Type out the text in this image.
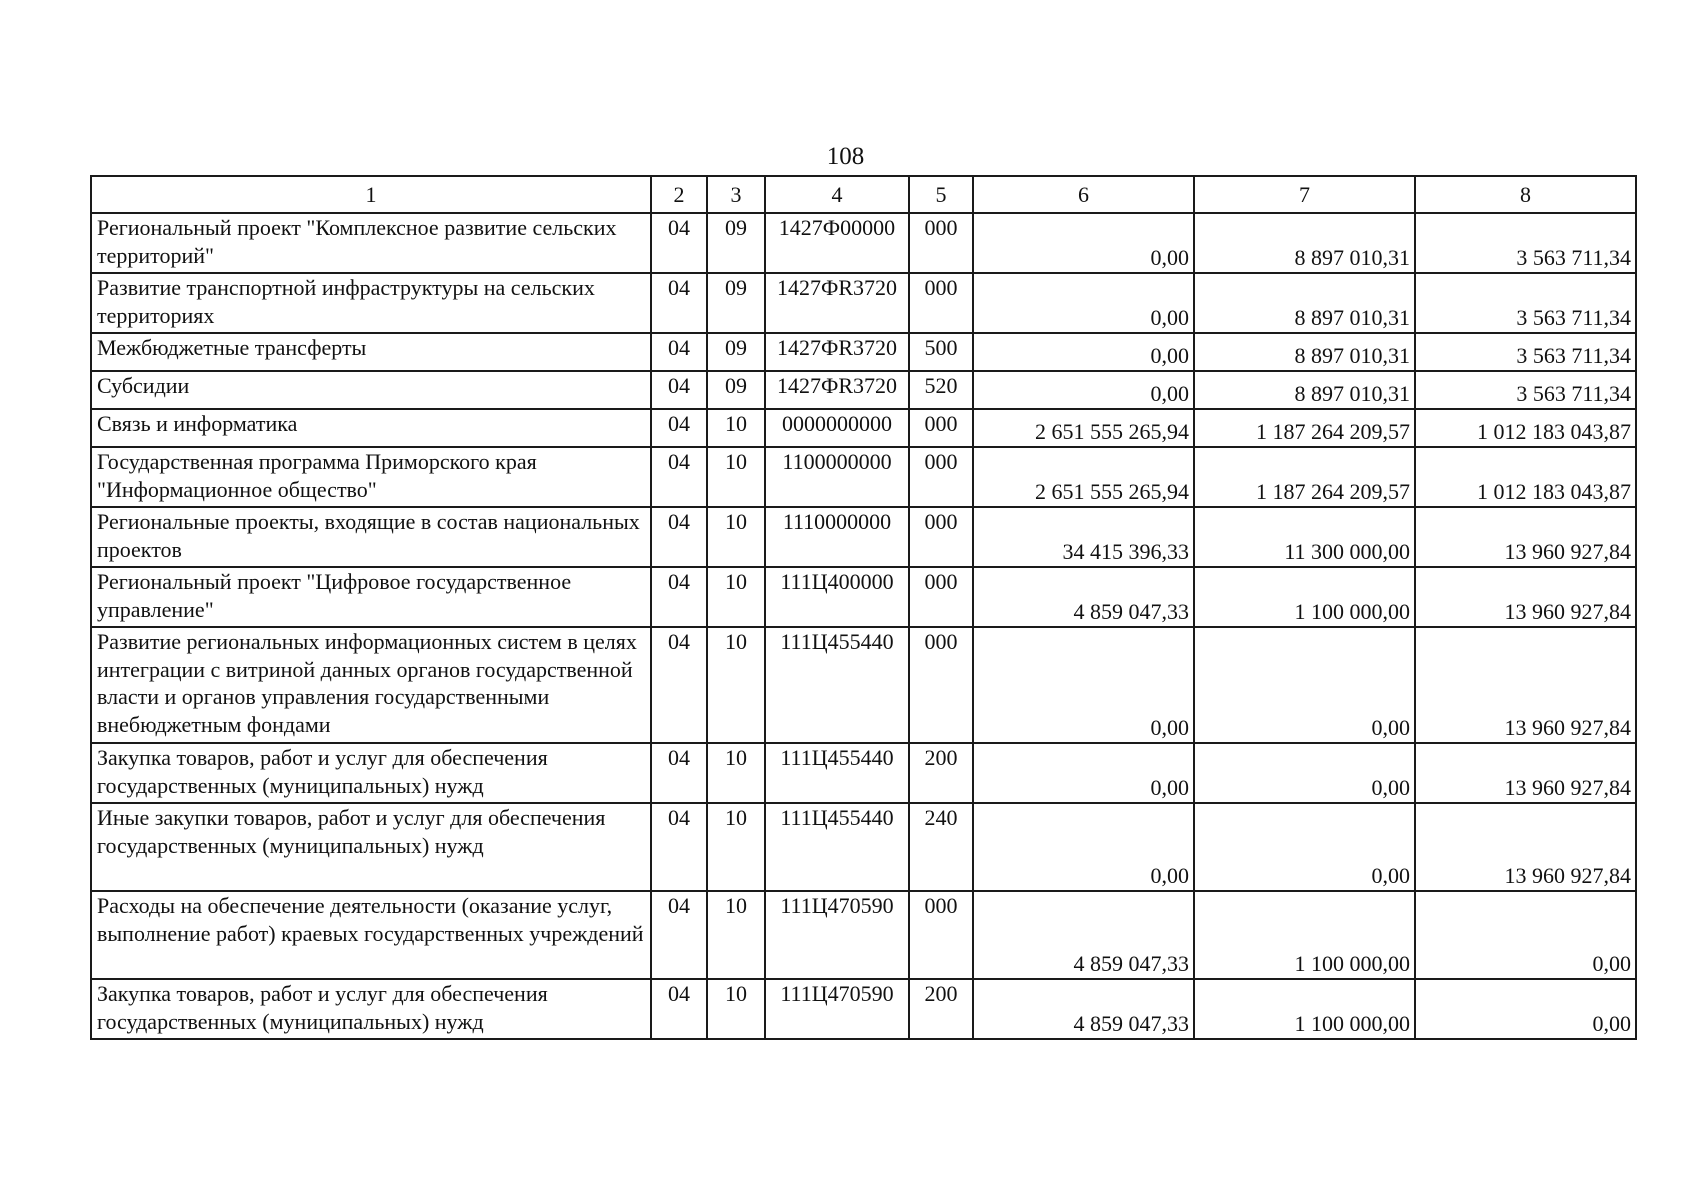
108
1	2	3	4	5	6	7	8
Региональный проект "Комплексное развитие сельских территорий"	04	09	1427Ф00000	000	0,00	8 897 010,31	3 563 711,34
Развитие транспортной инфраструктуры на сельских территориях	04	09	1427ФR3720	000	0,00	8 897 010,31	3 563 711,34
Межбюджетные трансферты	04	09	1427ФR3720	500	0,00	8 897 010,31	3 563 711,34
Субсидии	04	09	1427ФR3720	520	0,00	8 897 010,31	3 563 711,34
Связь и информатика	04	10	0000000000	000	2 651 555 265,94	1 187 264 209,57	1 012 183 043,87
Государственная программа Приморского края "Информационное общество"	04	10	1100000000	000	2 651 555 265,94	1 187 264 209,57	1 012 183 043,87
Региональные проекты, входящие в состав национальных проектов	04	10	1110000000	000	34 415 396,33	11 300 000,00	13 960 927,84
Региональный проект "Цифровое государственное управление"	04	10	111Ц400000	000	4 859 047,33	1 100 000,00	13 960 927,84
Развитие региональных информационных систем в целях интеграции с витриной данных органов государственной власти и органов управления государственными внебюджетным фондами	04	10	111Ц455440	000	0,00	0,00	13 960 927,84
Закупка товаров, работ и услуг для обеспечения государственных (муниципальных) нужд	04	10	111Ц455440	200	0,00	0,00	13 960 927,84
Иные закупки товаров, работ и услуг для обеспечения государственных (муниципальных) нужд	04	10	111Ц455440	240	0,00	0,00	13 960 927,84
Расходы на обеспечение деятельности (оказание услуг, выполнение работ) краевых государственных учреждений	04	10	111Ц470590	000	4 859 047,33	1 100 000,00	0,00
Закупка товаров, работ и услуг для обеспечения государственных (муниципальных) нужд	04	10	111Ц470590	200	4 859 047,33	1 100 000,00	0,00
